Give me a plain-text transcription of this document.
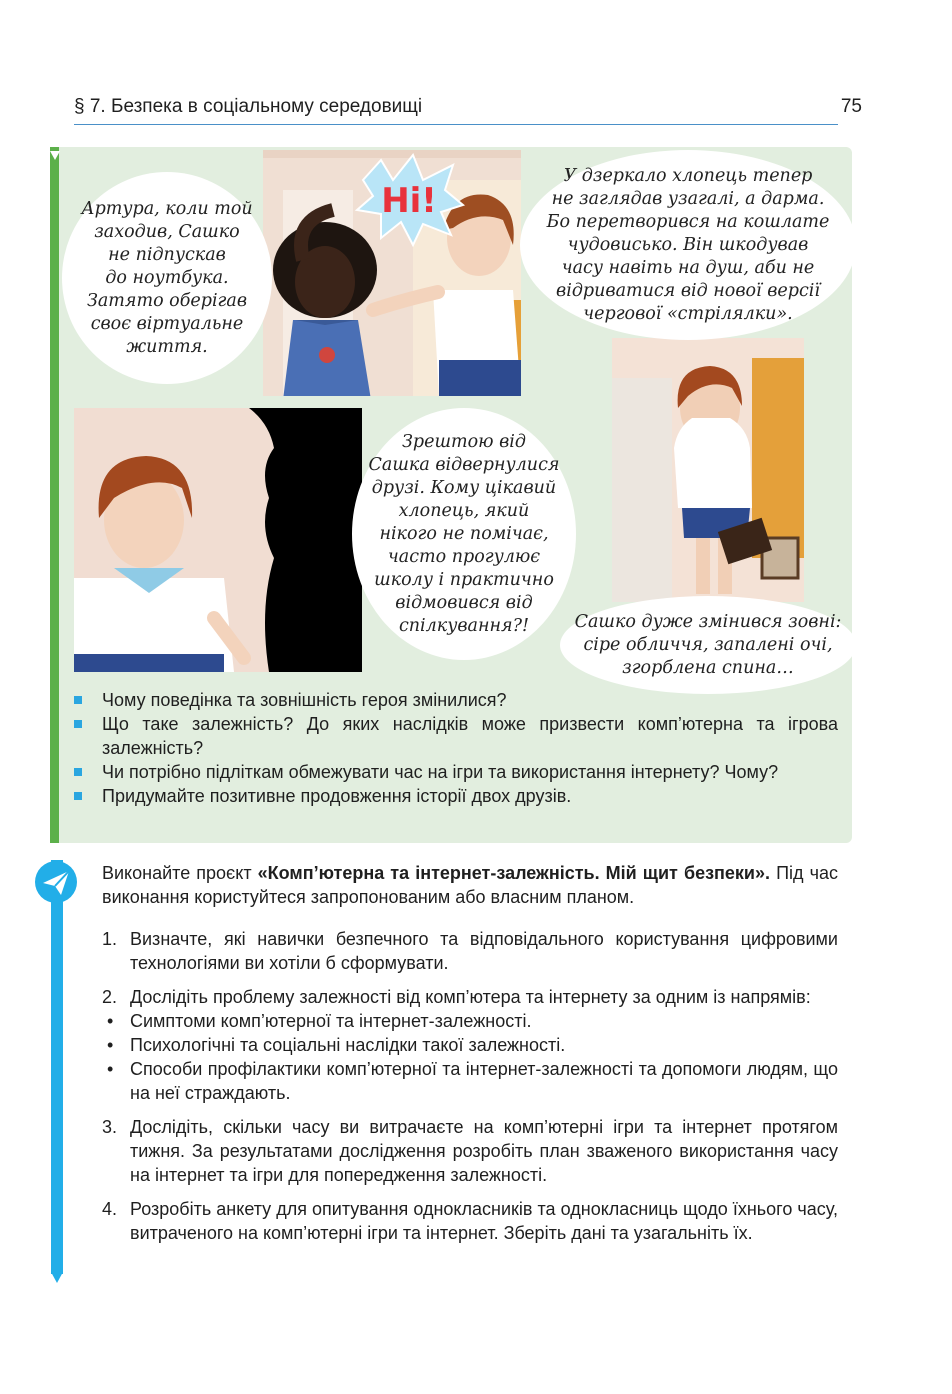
§ 7. Безпека в соціальному середовищі	75
Ні!
Артура, коли той
заходив, Сашко
не підпускав
до ноутбука.
Затято оберігав
своє віртуальне
життя.
У дзеркало хлопець тепер
не заглядав узагалі, а дарма.
Бо перетворився на кошлате
чудовисько. Він шкодував
часу навіть на душ, аби не
відриватися від нової версії
чергової «стрілялки».
Зрештою від
Сашка відвернулися
друзі. Кому цікавий
хлопець, який
нікого не помічає,
часто прогулює
школу і практично
відмовився від
спілкування?!	Сашко дуже змінився зовні:
сіре обличчя, запалені очі,
згорблена спина…
Чому поведінка та зовнішність героя змінилися?
Що таке залежність? До яких наслідків може призвести комп’ютерна та ігрова залежність?
Чи потрібно підліткам обмежувати час на ігри та використання інтернету? Чому?
Придумайте позитивне продовження історії двох друзів.
Виконайте проєкт «Комп’ютерна та інтернет-залежність. Мій щит безпеки». Під час виконання користуйтеся запропонованим або власним планом.
1. Визначте, які навички безпечного та відповідального користування цифровими технологіями ви хотіли б сформувати.
2. Дослідіть проблему залежності від комп’ютера та інтернету за одним із напрямів:
• Симптоми комп’ютерної та інтернет-залежності.
• Психологічні та соціальні наслідки такої залежності.
• Способи профілактики комп’ютерної та інтернет-залежності та допомоги людям, що на неї страждають.
3. Дослідіть, скільки часу ви витрачаєте на комп’ютерні ігри та інтернет протягом тижня. За результатами дослідження розробіть план зваженого використання часу на інтернет та ігри для попередження залежності.
4. Розробіть анкету для опитування однокласників та однокласниць щодо їхнього часу, витраченого на комп’ютерні ігри та інтернет. Зберіть дані та узагальніть їх.
